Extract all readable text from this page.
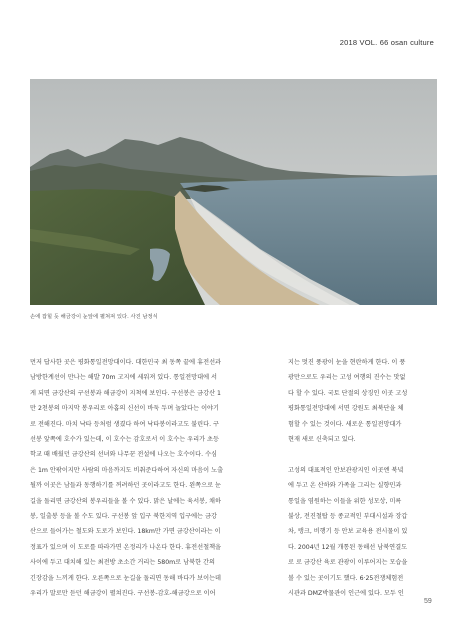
2018 VOL. 66 osan culture
손에 잡힐 듯 해금강이 눈앞에 펼쳐져 있다. 사진 남정식

먼저 답사한 곳은 평화통일전망대이다. 대한민국 최 동쪽 끝에 휴전선과

남방한계선이 만나는 해발 70m 고지에 세워져 있다. 통일전망대에 서

게 되면 금강산의 구선봉과 해금강이 지척에 보인다. 구선봉은 금강산 1

만 2천봉의 마지막 봉우리로 아홉의 신선이 바둑 두며 놀았다는 이야기

로 전해진다. 마치 낙타 등처럼 생겼다 하여 낙타봉이라고도 불린다. 구

선봉 앞쪽에 호수가 있는데, 이 호수는 감호로서 이 호수는 우리가 초등

학교 때 배웠던 금강산의 선녀와 나무꾼 전설에 나오는 호수이다. 수심

은 1m 안팎이지만 사람의 마음까지도 비춰준다하여 자신의 마음이 노출

될까 이곳은 남들과 동행하기를 꺼려하던 곳이라고도 한다. 왼쪽으로 눈

길을 돌리면 금강산의 봉우리들을 볼 수 있다. 맑은 날에는 육서봉, 채하

봉, 일출봉 등을 볼 수도 있다. 구선봉 앞 입구 북한지역 입구에는 금강

산으로 들어가는 철도와 도로가 보인다. 18km만 가면 금강산이라는 이

정표가 있으며 이 도로를 따라가면 온정리가 나온다 한다. 휴전선철책을

사이에 두고 대치해 있는 최전방 초소간 거리는 580m로 남북한 간의

긴장감을 느끼게 한다. 오른쪽으로 눈길을 돌리면 동해 바다가 보이는데

우리가 말로만 듣던 해금강이 펼쳐진다. 구선봉-감호-해금강으로 이어

지는 멋진 풍광이 눈을 현란하게 한다. 이 풍

광만으로도 우리는 고성 여행의 진수는 맛없

다 할 수 있다. 국토 단절의 상징인 이곳 고성

평화통일전망대에 서면 강원도 최북단을 체

험할 수 있는 것이다. 새로운 통일전망대가

현재 새로 신축되고 있다.

고성의 대표적인 안보관광지인 이곳엔 북녘

에 두고 온 산하와 가족을 그리는 실향민과

통일을 염원하는 이들을 위한 성모상, 미륵

불상, 전진철탑 등 종교적인 부대시설과 장갑

차, 탱크, 비행기 등 안보 교육용 전시물이 있

다. 2004년 12월 개통된 동해선 남북연결도

로 로 금강산 육로 관광이 이루어지는 모습을

볼 수 있는 곳이기도 했다. 6·25전쟁체험전

시관과 DMZ박물관이 인근에 있다. 모두 인

59
